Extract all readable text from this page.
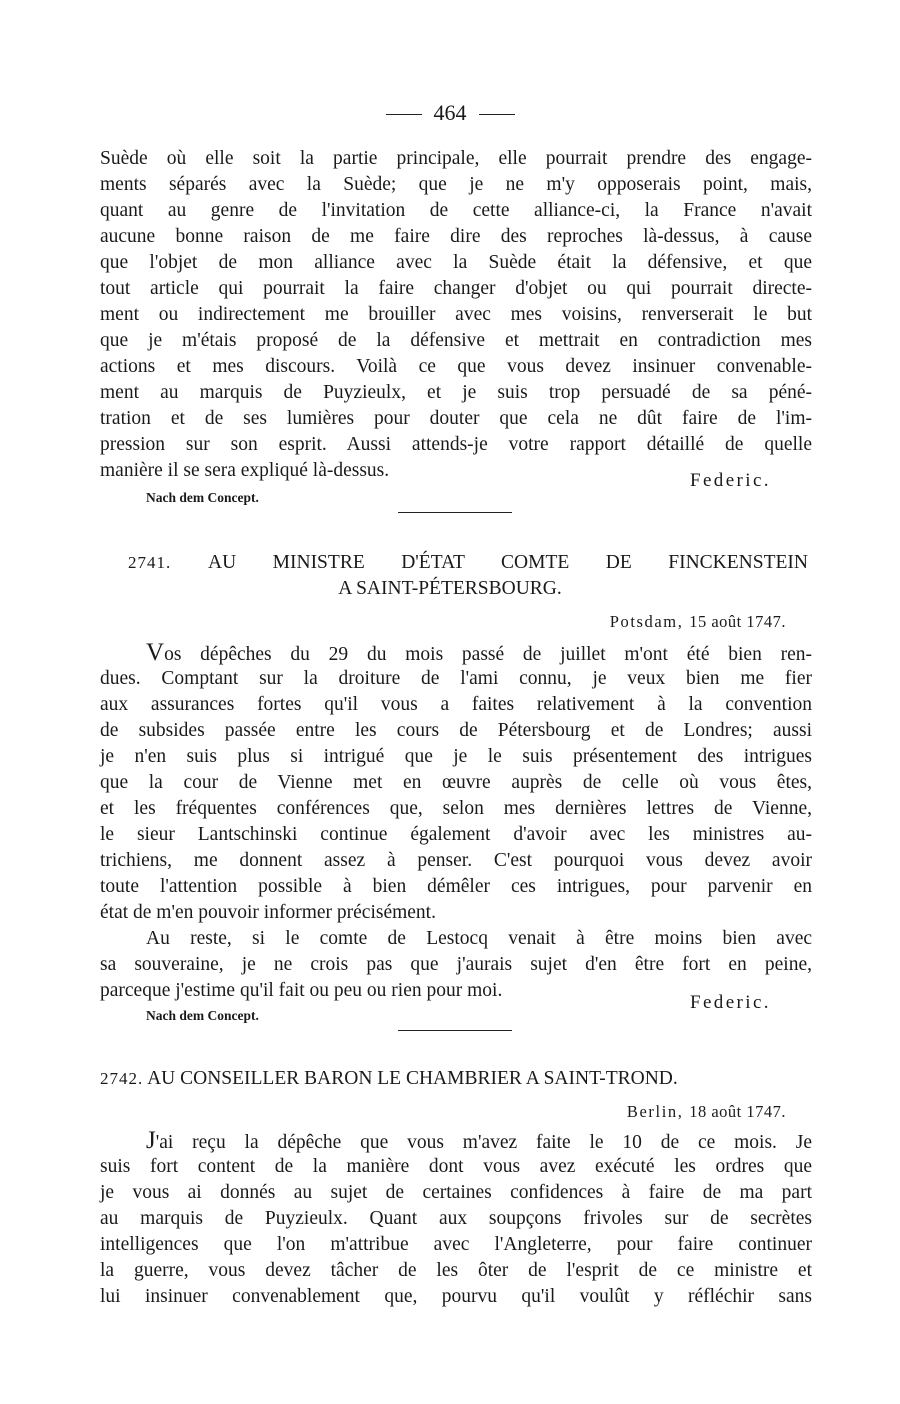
464
Suède où elle soit la partie principale, elle pourrait prendre des engage-
ments séparés avec la Suède; que je ne m'y opposerais point, mais,
quant au genre de l'invitation de cette alliance-ci, la France n'avait
aucune bonne raison de me faire dire des reproches là-dessus, à cause
que l'objet de mon alliance avec la Suède était la défensive, et que
tout article qui pourrait la faire changer d'objet ou qui pourrait directe-
ment ou indirectement me brouiller avec mes voisins, renverserait le but
que je m'étais proposé de la défensive et mettrait en contradiction mes
actions et mes discours. Voilà ce que vous devez insinuer convenable-
ment au marquis de Puyzieulx, et je suis trop persuadé de sa péné-
tration et de ses lumières pour douter que cela ne dût faire de l'im-
pression sur son esprit. Aussi attends-je votre rapport détaillé de quelle
manière il se sera expliqué là-dessus.	Federic.
Nach dem Concept.
2741. AU MINISTRE D'ÉTAT COMTE DE FINCKENSTEIN
A SAINT-PÉTERSBOURG.
Potsdam, 15 août 1747.
Vos dépêches du 29 du mois passé de juillet m'ont été bien ren-
dues. Comptant sur la droiture de l'ami connu, je veux bien me fier
aux assurances fortes qu'il vous a faites relativement à la convention
de subsides passée entre les cours de Pétersbourg et de Londres; aussi
je n'en suis plus si intrigué que je le suis présentement des intrigues
que la cour de Vienne met en œuvre auprès de celle où vous êtes,
et les fréquentes conférences que, selon mes dernières lettres de Vienne,
le sieur Lantschinski continue également d'avoir avec les ministres au-
trichiens, me donnent assez à penser. C'est pourquoi vous devez avoir
toute l'attention possible à bien démêler ces intrigues, pour parvenir en
état de m'en pouvoir informer précisément.
Au reste, si le comte de Lestocq venait à être moins bien avec
sa souveraine, je ne crois pas que j'aurais sujet d'en être fort en peine,
parceque j'estime qu'il fait ou peu ou rien pour moi.
Federic.
Nach dem Concept.
2742. AU CONSEILLER BARON LE CHAMBRIER A SAINT-TROND.
Berlin, 18 août 1747.
J'ai reçu la dépêche que vous m'avez faite le 10 de ce mois. Je
suis fort content de la manière dont vous avez exécuté les ordres que
je vous ai donnés au sujet de certaines confidences à faire de ma part
au marquis de Puyzieulx. Quant aux soupçons frivoles sur de secrètes
intelligences que l'on m'attribue avec l'Angleterre, pour faire continuer
la guerre, vous devez tâcher de les ôter de l'esprit de ce ministre et
lui insinuer convenablement que, pourvu qu'il voulût y réfléchir sans
